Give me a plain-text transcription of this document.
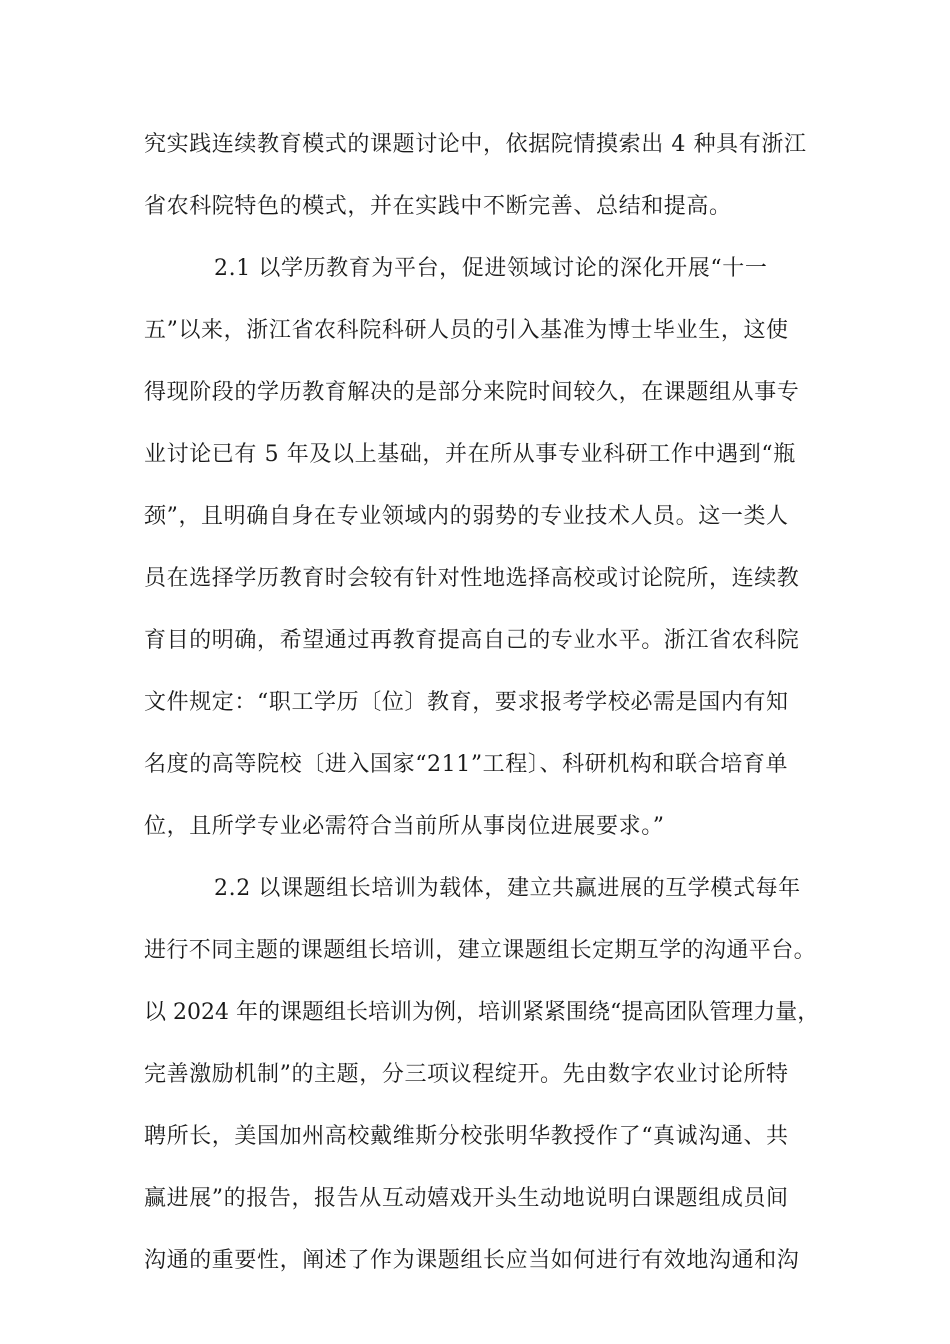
究实践连续教育模式的课题讨论中，依据院情摸索出 4 种具有浙江
省农科院特色的模式，并在实践中不断完善、总结和提高。
2.1 以学历教育为平台，促进领域讨论的深化开展“十一
五”以来，浙江省农科院科研人员的引入基准为博士毕业生，这使
得现阶段的学历教育解决的是部分来院时间较久，在课题组从事专
业讨论已有 5 年及以上基础，并在所从事专业科研工作中遇到“瓶
颈”，且明确自身在专业领域内的弱势的专业技术人员。这一类人
员在选择学历教育时会较有针对性地选择高校或讨论院所，连续教
育目的明确，希望通过再教育提高自己的专业水平。浙江省农科院
文件规定：“职工学历〔位〕教育，要求报考学校必需是国内有知
名度的高等院校〔进入国家“211”工程〕、科研机构和联合培育单
位，且所学专业必需符合当前所从事岗位进展要求。”
2.2 以课题组长培训为载体，建立共赢进展的互学模式每年
进行不同主题的课题组长培训，建立课题组长定期互学的沟通平台。
以 2024 年的课题组长培训为例，培训紧紧围绕“提高团队管理力量，
完善激励机制”的主题，分三项议程绽开。先由数字农业讨论所特
聘所长，美国加州高校戴维斯分校张明华教授作了“真诚沟通、共
赢进展”的报告，报告从互动嬉戏开头生动地说明白课题组成员间
沟通的重要性，阐述了作为课题组长应当如何进行有效地沟通和沟
